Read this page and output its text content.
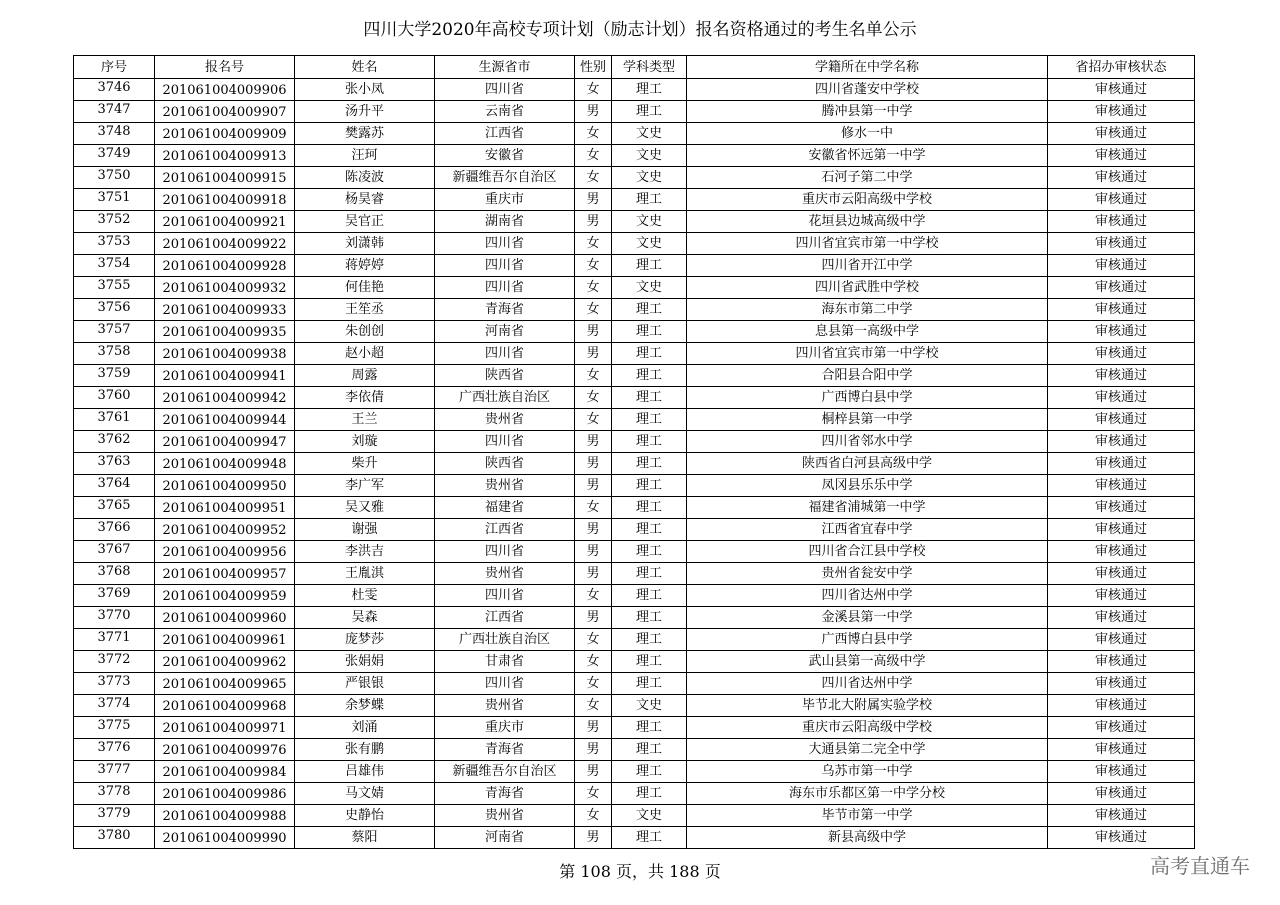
四川大学2020年高校专项计划（励志计划）报名资格通过的考生名单公示
序号	报名号	姓名	生源省市	性别	学科类型	学籍所在中学名称	省招办审核状态
3746	201061004009906	张小凤	四川省	女	理工	四川省蓬安中学校	审核通过
3747	201061004009907	汤升平	云南省	男	理工	腾冲县第一中学	审核通过
3748	201061004009909	樊露苏	江西省	女	文史	修水一中	审核通过
3749	201061004009913	汪珂	安徽省	女	文史	安徽省怀远第一中学	审核通过
3750	201061004009915	陈凌波	新疆维吾尔自治区	女	文史	石河子第二中学	审核通过
3751	201061004009918	杨昊睿	重庆市	男	理工	重庆市云阳高级中学校	审核通过
3752	201061004009921	吴官正	湖南省	男	文史	花垣县边城高级中学	审核通过
3753	201061004009922	刘潇韩	四川省	女	文史	四川省宜宾市第一中学校	审核通过
3754	201061004009928	蒋婷婷	四川省	女	理工	四川省开江中学	审核通过
3755	201061004009932	何佳艳	四川省	女	文史	四川省武胜中学校	审核通过
3756	201061004009933	王笙丞	青海省	女	理工	海东市第二中学	审核通过
3757	201061004009935	朱创创	河南省	男	理工	息县第一高级中学	审核通过
3758	201061004009938	赵小超	四川省	男	理工	四川省宜宾市第一中学校	审核通过
3759	201061004009941	周露	陕西省	女	理工	合阳县合阳中学	审核通过
3760	201061004009942	李依倩	广西壮族自治区	女	理工	广西博白县中学	审核通过
3761	201061004009944	王兰	贵州省	女	理工	桐梓县第一中学	审核通过
3762	201061004009947	刘璇	四川省	男	理工	四川省邻水中学	审核通过
3763	201061004009948	柴升	陕西省	男	理工	陕西省白河县高级中学	审核通过
3764	201061004009950	李广军	贵州省	男	理工	凤冈县乐乐中学	审核通过
3765	201061004009951	吴又雅	福建省	女	理工	福建省浦城第一中学	审核通过
3766	201061004009952	谢强	江西省	男	理工	江西省宜春中学	审核通过
3767	201061004009956	李洪吉	四川省	男	理工	四川省合江县中学校	审核通过
3768	201061004009957	王胤淇	贵州省	男	理工	贵州省瓮安中学	审核通过
3769	201061004009959	杜雯	四川省	女	理工	四川省达州中学	审核通过
3770	201061004009960	吴森	江西省	男	理工	金溪县第一中学	审核通过
3771	201061004009961	庞梦莎	广西壮族自治区	女	理工	广西博白县中学	审核通过
3772	201061004009962	张娟娟	甘肃省	女	理工	武山县第一高级中学	审核通过
3773	201061004009965	严银银	四川省	女	理工	四川省达州中学	审核通过
3774	201061004009968	余梦蝶	贵州省	女	文史	毕节北大附属实验学校	审核通过
3775	201061004009971	刘涌	重庆市	男	理工	重庆市云阳高级中学校	审核通过
3776	201061004009976	张有鹏	青海省	男	理工	大通县第二完全中学	审核通过
3777	201061004009984	吕雄伟	新疆维吾尔自治区	男	理工	乌苏市第一中学	审核通过
3778	201061004009986	马文婧	青海省	女	理工	海东市乐都区第一中学分校	审核通过
3779	201061004009988	史静怡	贵州省	女	文史	毕节市第一中学	审核通过
3780	201061004009990	蔡阳	河南省	男	理工	新县高级中学	审核通过
第 108 页，共 188 页	高考直通车
